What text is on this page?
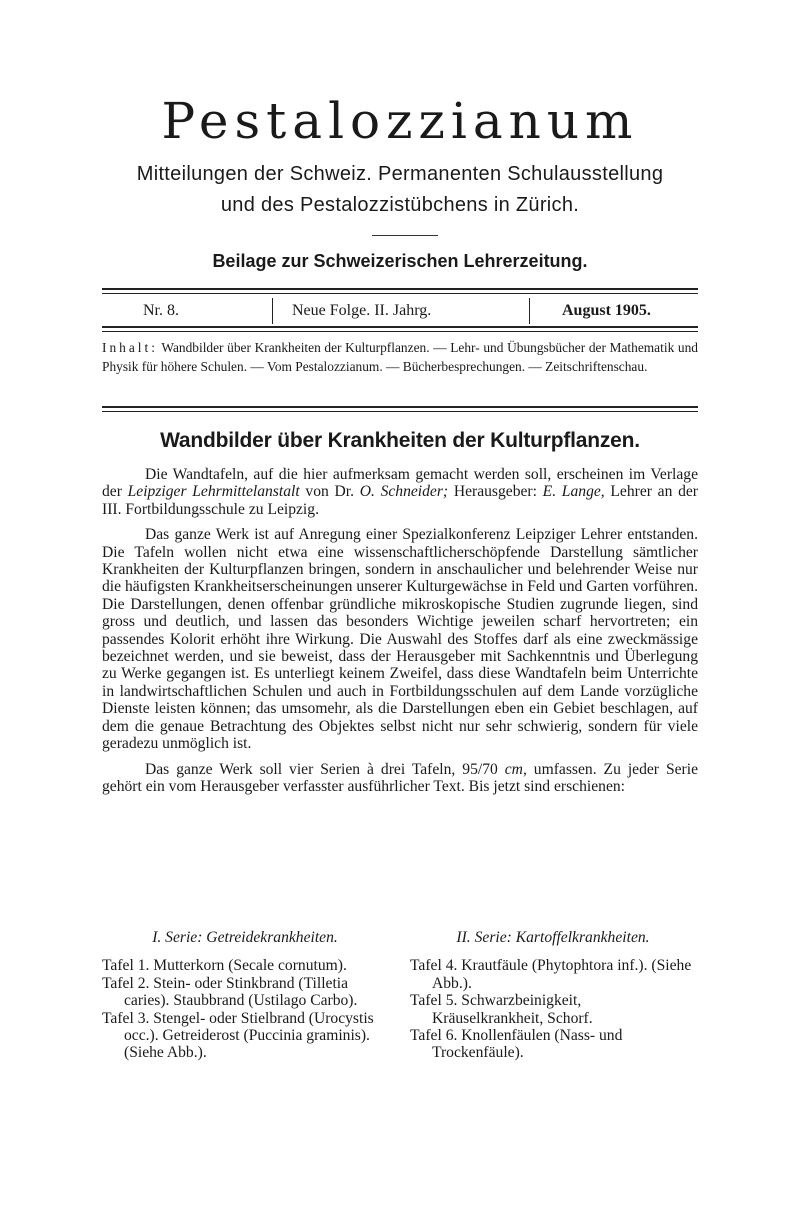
Pestalozzianum
Mitteilungen der Schweiz. Permanenten Schulausstellung
und des Pestalozzistübchens in Zürich.
Beilage zur Schweizerischen Lehrerzeitung.
Nr. 8.	Neue Folge. II. Jahrg.	August 1905.
Inhalt: Wandbilder über Krankheiten der Kulturpflanzen. — Lehr- und Übungsbücher der Mathematik und Physik für höhere Schulen. — Vom Pestalozzianum. — Bücherbesprechungen. — Zeitschriftenschau.
Wandbilder über Krankheiten der Kulturpflanzen.

Die Wandtafeln, auf die hier aufmerksam gemacht werden soll, erscheinen im Verlage der Leipziger Lehrmittelanstalt von Dr. O. Schneider; Herausgeber: E. Lange, Lehrer an der III. Fortbildungsschule zu Leipzig.

Das ganze Werk ist auf Anregung einer Spezialkonferenz Leipziger Lehrer entstanden. Die Tafeln wollen nicht etwa eine wissenschaftlicherschöpfende Darstellung sämtlicher Krankheiten der Kulturpflanzen bringen, sondern in anschaulicher und belehrender Weise nur die häufigsten Krankheitserscheinungen unserer Kulturgewächse in Feld und Garten vorführen. Die Darstellungen, denen offenbar gründliche mikroskopische Studien zugrunde liegen, sind gross und deutlich, und lassen das besonders Wichtige jeweilen scharf hervortreten; ein passendes Kolorit erhöht ihre Wirkung. Die Auswahl des Stoffes darf als eine zweckmässige bezeichnet werden, und sie beweist, dass der Herausgeber mit Sachkenntnis und Überlegung zu Werke gegangen ist. Es unterliegt keinem Zweifel, dass diese Wandtafeln beim Unterrichte in landwirtschaftlichen Schulen und auch in Fortbildungsschulen auf dem Lande vorzügliche Dienste leisten können; das umsomehr, als die Darstellungen eben ein Gebiet beschlagen, auf dem die genaue Betrachtung des Objektes selbst nicht nur sehr schwierig, sondern für viele geradezu unmöglich ist.

Das ganze Werk soll vier Serien à drei Tafeln, 95/70 cm, umfassen. Zu jeder Serie gehört ein vom Herausgeber verfasster ausführlicher Text. Bis jetzt sind erschienen:

I. Serie: Getreidekrankheiten.

Tafel 1. Mutterkorn (Secale cornutum).

Tafel 2. Stein- oder Stinkbrand (Tilletia caries). Staubbrand (Ustilago Carbo).

Tafel 3. Stengel- oder Stielbrand (Urocystis occ.). Getreiderost (Puccinia graminis). (Siehe Abb.).

II. Serie: Kartoffelkrankheiten.

Tafel 4. Krautfäule (Phytophtora inf.). (Siehe Abb.).

Tafel 5. Schwarzbeinigkeit, Kräuselkrankheit, Schorf.

Tafel 6. Knollenfäulen (Nass- und Trockenfäule).
